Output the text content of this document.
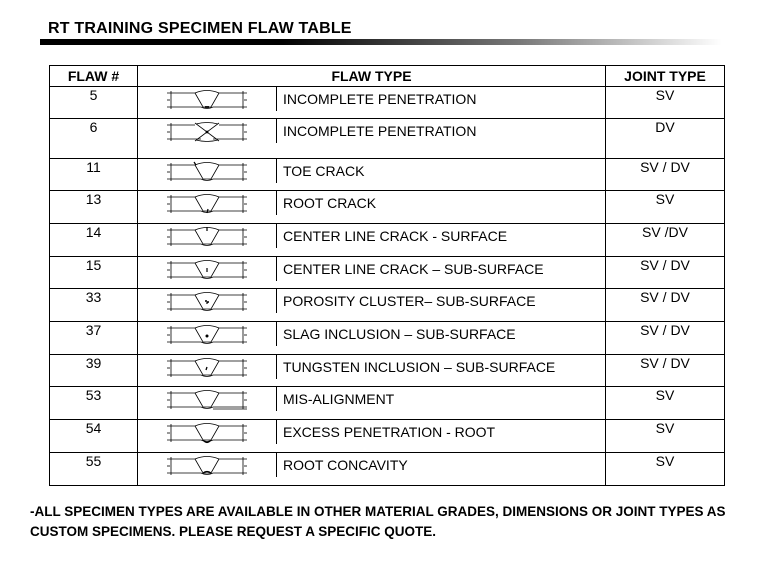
RT TRAINING SPECIMEN FLAW TABLE
FLAW #	FLAW TYPE	JOINT TYPE
5	INCOMPLETE PENETRATION	SV
6	INCOMPLETE PENETRATION	DV
11	TOE CRACK	SV / DV
13	ROOT CRACK	SV
14	CENTER LINE CRACK - SURFACE	SV /DV
15	CENTER LINE CRACK – SUB-SURFACE	SV / DV
33	POROSITY CLUSTER– SUB-SURFACE	SV / DV
37	SLAG INCLUSION – SUB-SURFACE	SV / DV
39	TUNGSTEN INCLUSION – SUB-SURFACE	SV / DV
53	MIS-ALIGNMENT	SV
54	EXCESS PENETRATION - ROOT	SV
55	ROOT CONCAVITY	SV
-ALL SPECIMEN TYPES ARE AVAILABLE IN OTHER MATERIAL GRADES, DIMENSIONS OR JOINT TYPES AS CUSTOM SPECIMENS. PLEASE REQUEST A SPECIFIC QUOTE.
